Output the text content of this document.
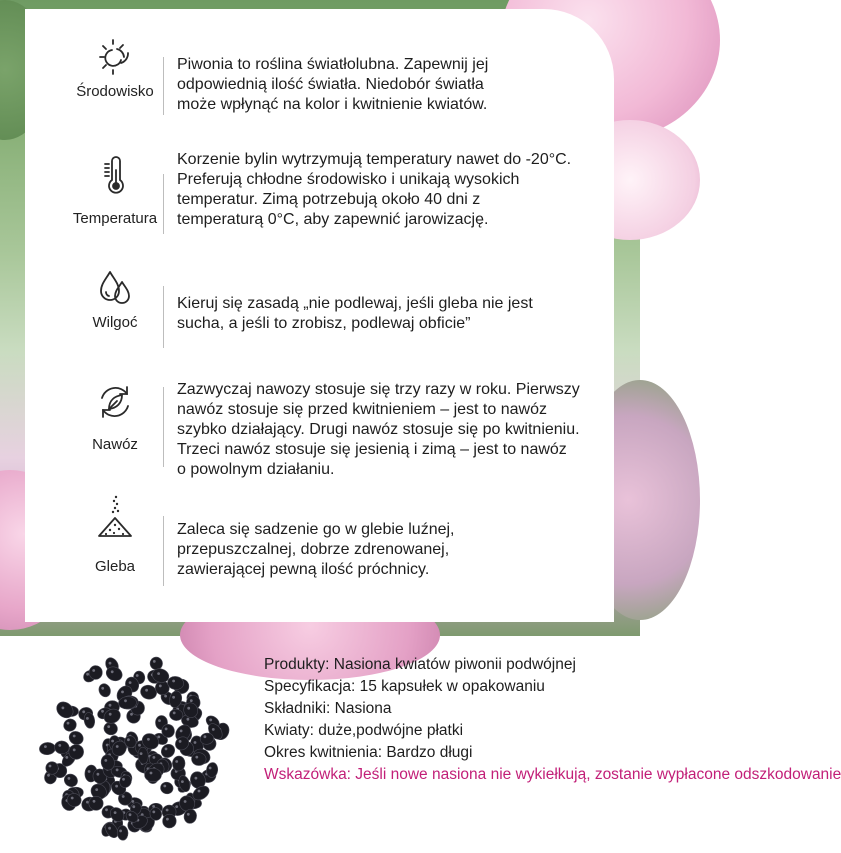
Środowisko
Piwonia to roślina światłolubna. Zapewnij jej
odpowiednią ilość światła. Niedobór światła
może wpłynąć na kolor i kwitnienie kwiatów.
Temperatura
Korzenie bylin wytrzymują temperatury nawet do -20°C.
Preferują chłodne środowisko i unikają wysokich
temperatur. Zimą potrzebują około 40 dni z
temperaturą 0°C, aby zapewnić jarowizację.
Wilgoć
Kieruj się zasadą „nie podlewaj, jeśli gleba nie jest
sucha, a jeśli to zrobisz, podlewaj obficie”
Nawóz
Zazwyczaj nawozy stosuje się trzy razy w roku. Pierwszy
nawóz stosuje się przed kwitnieniem – jest to nawóz
szybko działający. Drugi nawóz stosuje się po kwitnieniu.
Trzeci nawóz stosuje się jesienią i zimą – jest to nawóz
o powolnym działaniu.
Gleba
Zaleca się sadzenie go w glebie luźnej,
przepuszczalnej, dobrze zdrenowanej,
zawierającej pewną ilość próchnicy.
Produkty: Nasiona kwiatów piwonii podwójnej
Specyfikacja: 15 kapsułek w opakowaniu
Składniki: Nasiona
Kwiaty: duże,podwójne płatki
Okres kwitnienia: Bardzo długi
Wskazówka: Jeśli nowe nasiona nie wykiełkują, zostanie wypłacone odszkodowanie
